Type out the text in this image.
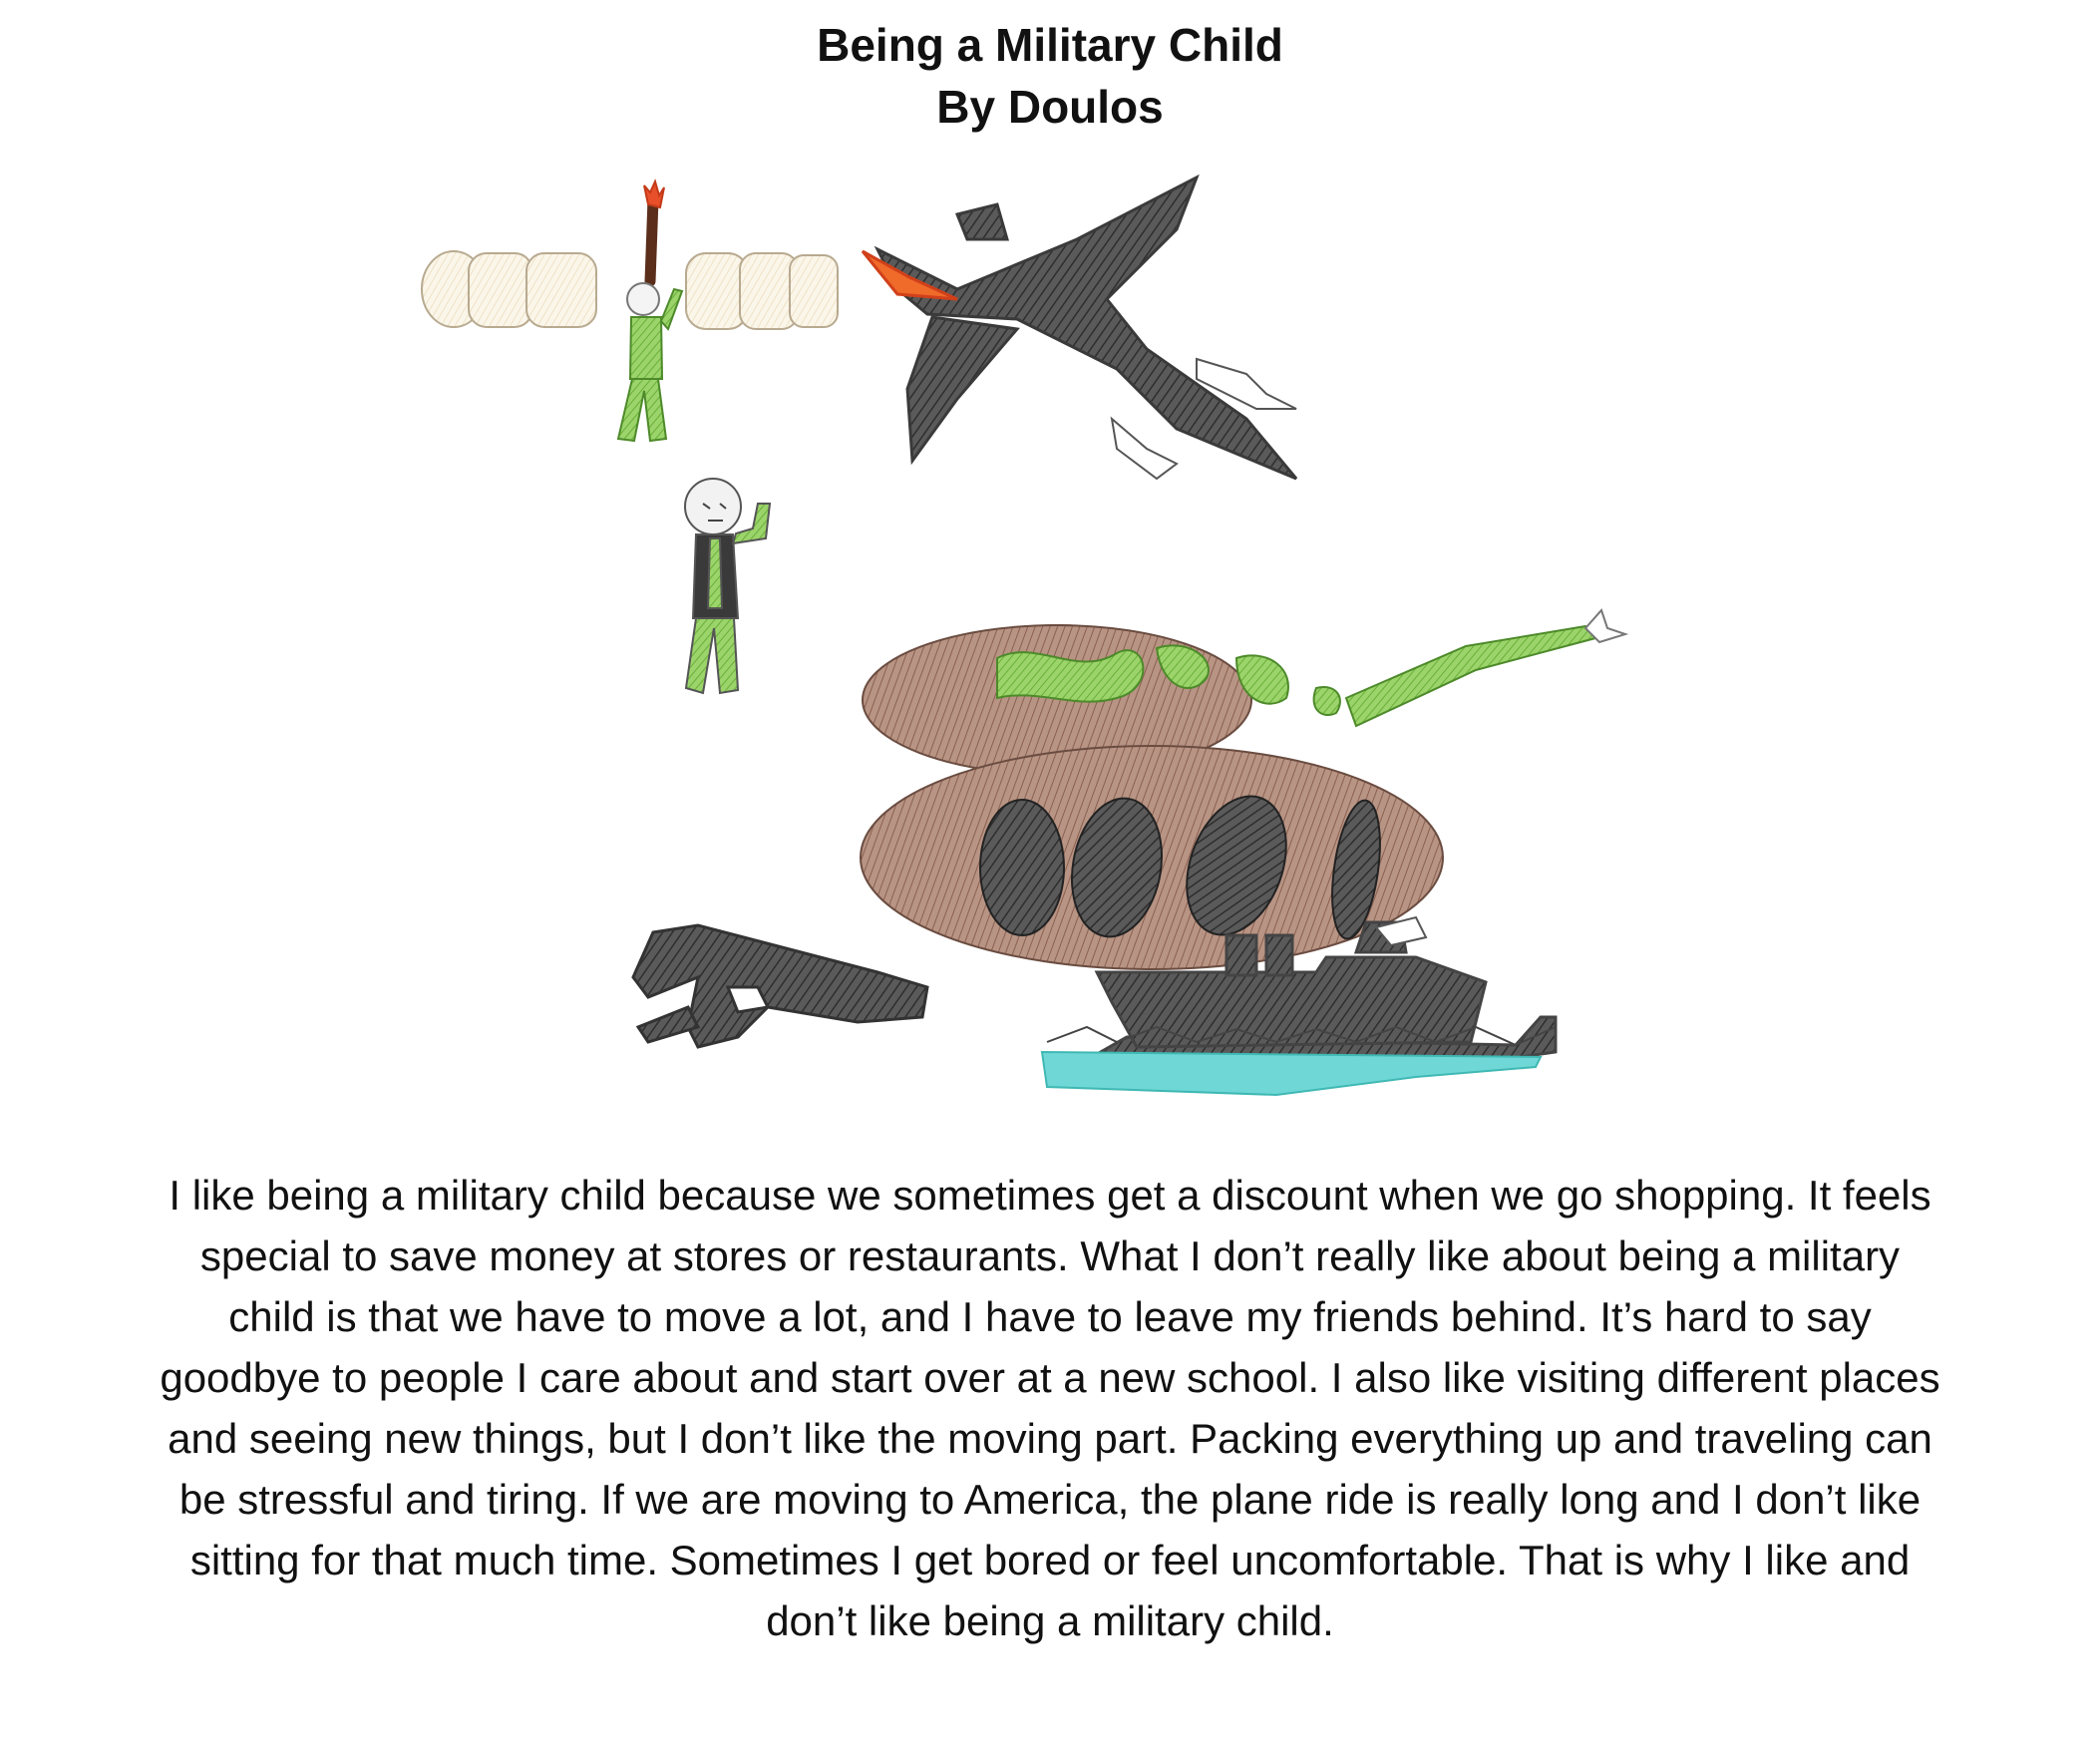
Being a Military Child
By Doulos
I like being a military child because we sometimes get a discount when we go shopping. It feels
special to save money at stores or restaurants. What I don’t really like about being a military
child is that we have to move a lot, and I have to leave my friends behind. It’s hard to say
goodbye to people I care about and start over at a new school. I also like visiting different places
and seeing new things, but I don’t like the moving part. Packing everything up and traveling can
be stressful and tiring. If we are moving to America, the plane ride is really long and I don’t like
sitting for that much time. Sometimes I get bored or feel uncomfortable. That is why I like and
don’t like being a military child.
